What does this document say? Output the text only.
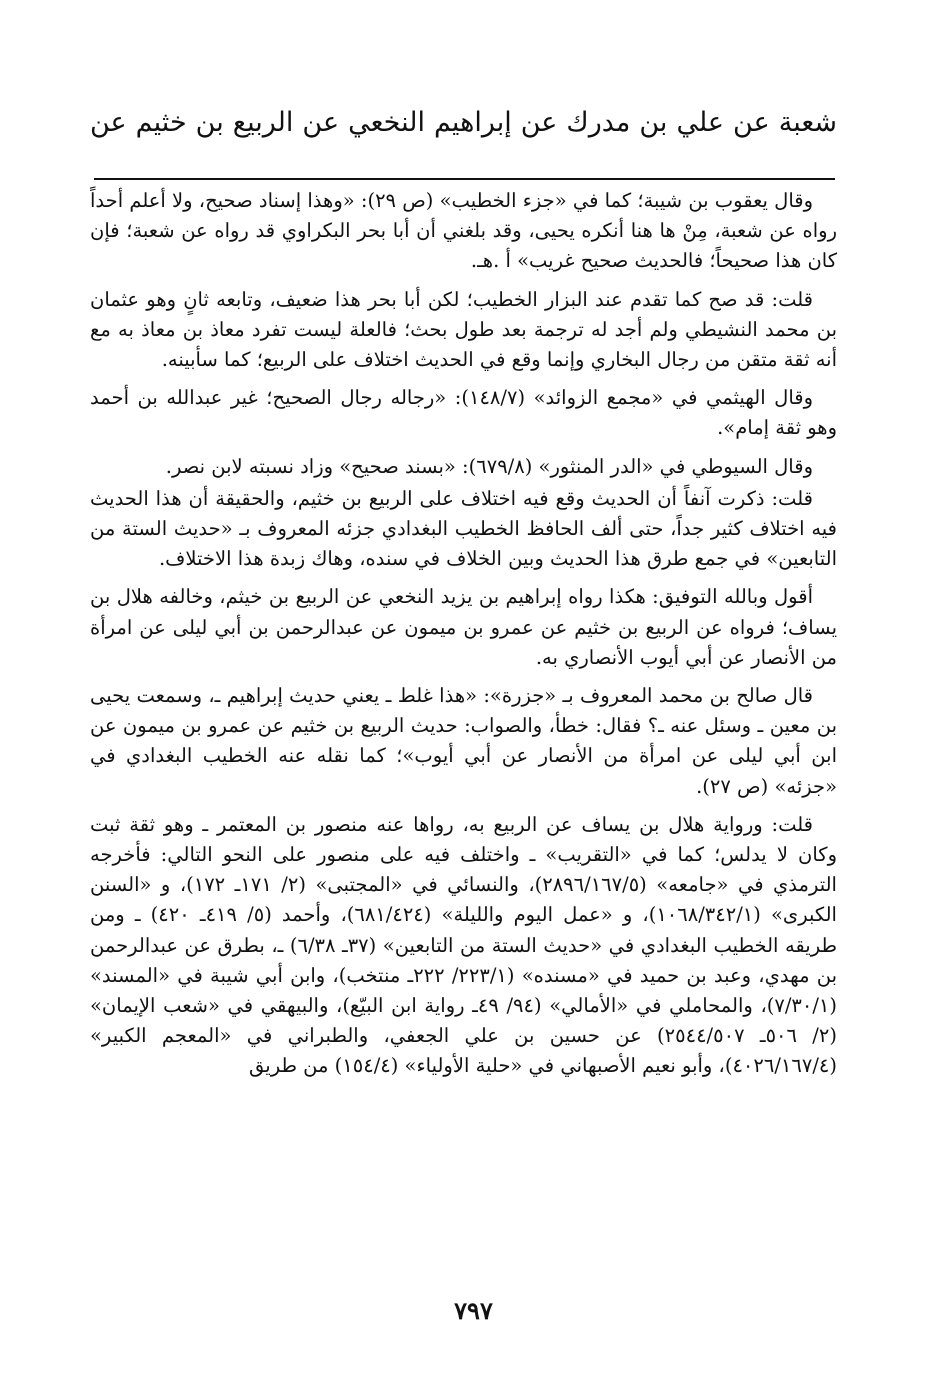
شعبة عن علي بن مدرك عن إبراهيم النخعي عن الربيع بن خثيم عن

وقال يعقوب بن شيبة؛ كما في «جزء الخطيب» (ص ٢٩): «وهذا إسناد صحيح، ولا أعلم أحداً رواه عن شعبة، مِنْ ها هنا أنكره يحيى، وقد بلغني أن أبا بحر البكراوي قد رواه عن شعبة؛ فإن كان هذا صحيحاً؛ فالحديث صحيح غريب» أ .هـ.

قلت: قد صح كما تقدم عند البزار الخطيب؛ لكن أبا بحر هذا ضعيف، وتابعه ثانٍ وهو عثمان بن محمد النشيطي ولم أجد له ترجمة بعد طول بحث؛ فالعلة ليست تفرد معاذ بن معاذ به مع أنه ثقة متقن من رجال البخاري وإنما وقع في الحديث اختلاف على الربيع؛ كما سأبينه.

وقال الهيثمي في «مجمع الزوائد» (١٤٨/٧): «رجاله رجال الصحيح؛ غير عبدالله بن أحمد وهو ثقة إمام».

وقال السيوطي في «الدر المنثور» (٦٧٩/٨): «بسند صحيح» وزاد نسبته لابن نصر.

قلت: ذكرت آنفاً أن الحديث وقع فيه اختلاف على الربيع بن خثيم، والحقيقة أن هذا الحديث فيه اختلاف كثير جداً، حتى ألف الحافظ الخطيب البغدادي جزئه المعروف بـ «حديث الستة من التابعين» في جمع طرق هذا الحديث وبين الخلاف في سنده، وهاك زبدة هذا الاختلاف.

أقول وبالله التوفيق: هكذا رواه إبراهيم بن يزيد النخعي عن الربيع بن خيثم، وخالفه هلال بن يساف؛ فرواه عن الربيع بن خثيم عن عمرو بن ميمون عن عبدالرحمن بن أبي ليلى عن امرأة من الأنصار عن أبي أيوب الأنصاري به.

قال صالح بن محمد المعروف بـ «جزرة»: «هذا غلط ـ يعني حديث إبراهيم ـ، وسمعت يحيى بن معين ـ وسئل عنه ـ؟ فقال: خطأ، والصواب: حديث الربيع بن خثيم عن عمرو بن ميمون عن ابن أبي ليلى عن امرأة من الأنصار عن أبي أيوب»؛ كما نقله عنه الخطيب البغدادي في «جزئه» (ص ٢٧).

قلت: ورواية هلال بن يساف عن الربيع به، رواها عنه منصور بن المعتمر ـ وهو ثقة ثبت وكان لا يدلس؛ كما في «التقريب» ـ واختلف فيه على منصور على النحو التالي: فأخرجه الترمذي في «جامعه» (٢٨٩٦/١٦٧/٥)، والنسائي في «المجتبى» (٢/ ١٧١ـ ١٧٢)، و «السنن الكبرى» (١٠٦٨/٣٤٢/١)، و «عمل اليوم والليلة» (٦٨١/٤٢٤)، وأحمد (٥/ ٤١٩ـ ٤٢٠) ـ ومن طريقه الخطيب البغدادي في «حديث الستة من التابعين» (٣٧ـ ٦/٣٨) ـ، بطرق عن عبدالرحمن بن مهدي، وعبد بن حميد في «مسنده» (٢٢٣/١/ ٢٢٢ـ منتخب)، وابن أبي شيبة في «المسند» (٧/٣٠/١)، والمحاملي في «الأمالي» (٩٤/ ٤٩ـ رواية ابن البيّع)، والبيهقي في «شعب الإيمان» (٢/ ٥٠٦ـ ٢٥٤٤/٥٠٧) عن حسين بن علي الجعفي، والطبراني في «المعجم الكبير» (٤٠٢٦/١٦٧/٤)، وأبو نعيم الأصبهاني في «حلية الأولياء» (١٥٤/٤) من طريق

٧٩٧
